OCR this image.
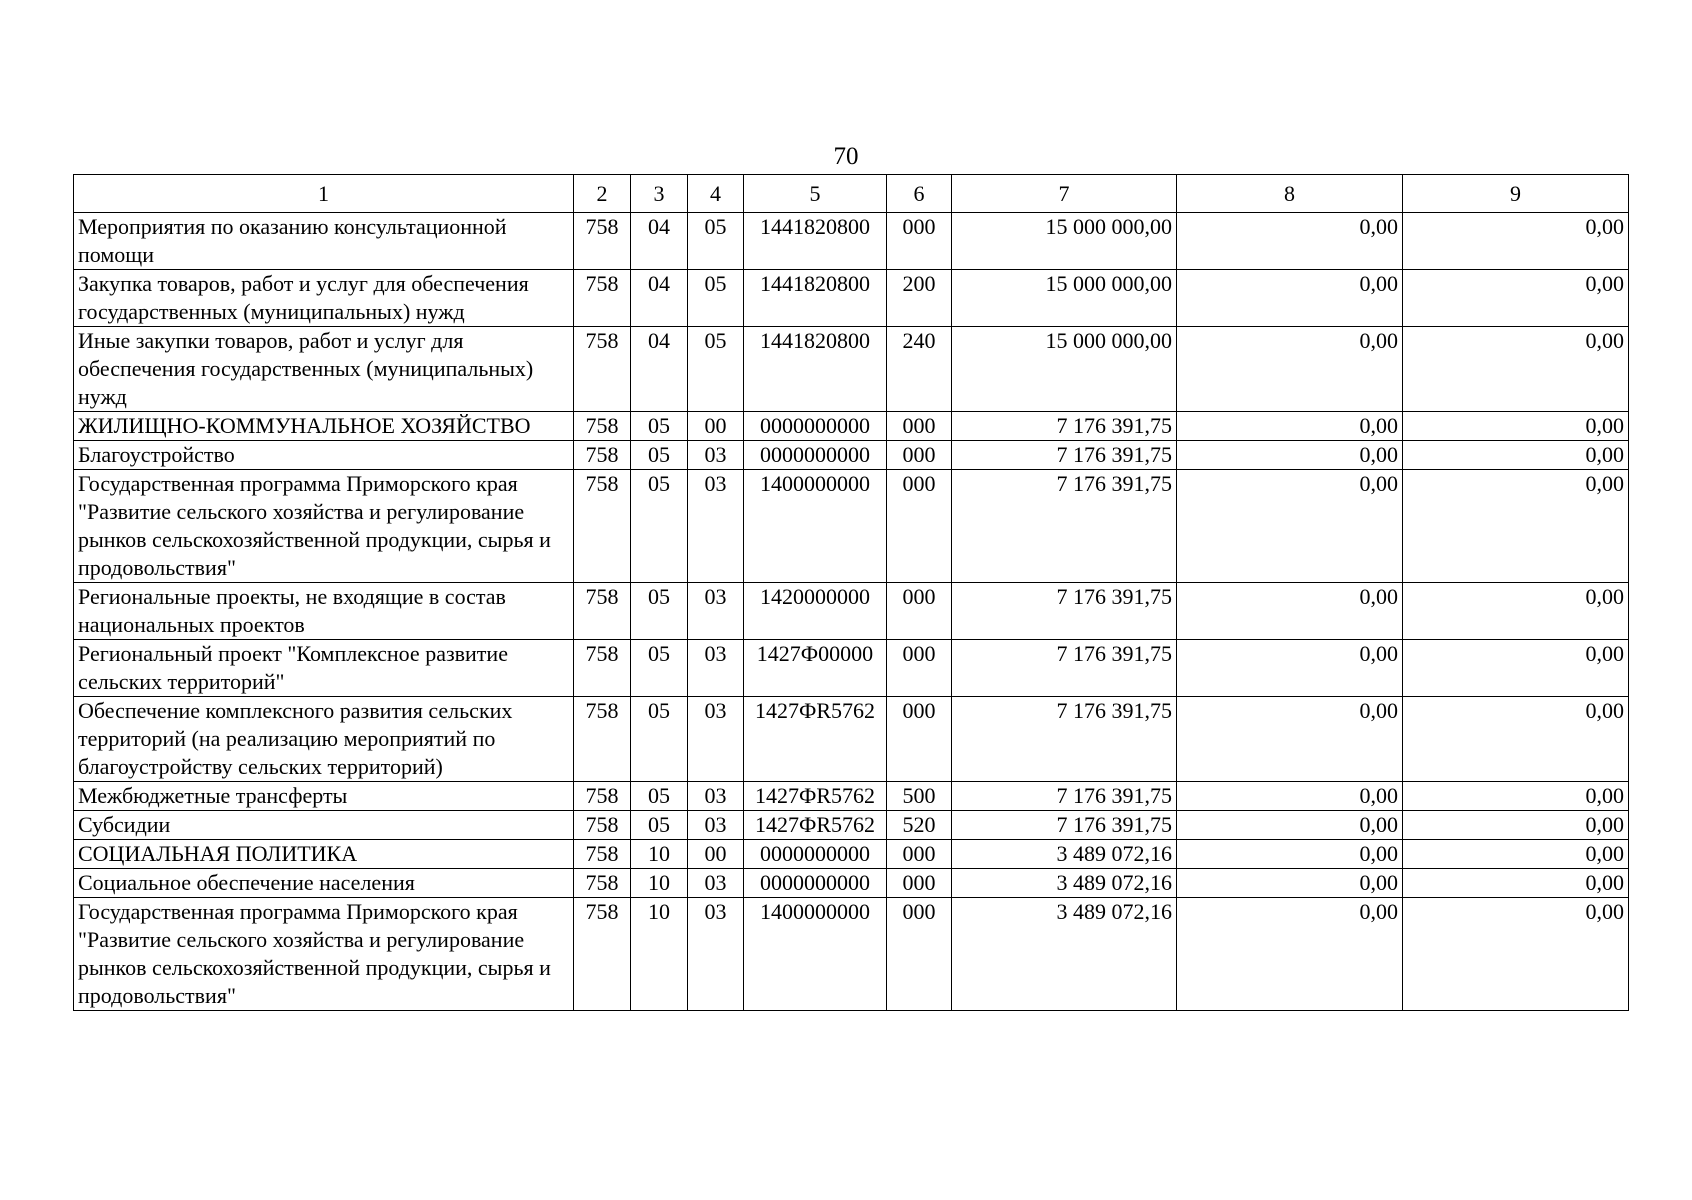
70
1	2	3	4	5	6	7	8	9
Мероприятия по оказанию консультационной помощи	758	04	05	1441820800	000	15 000 000,00	0,00	0,00
Закупка товаров, работ и услуг для обеспечения государственных (муниципальных) нужд	758	04	05	1441820800	200	15 000 000,00	0,00	0,00
Иные закупки товаров, работ и услуг для обеспечения государственных (муниципальных) нужд	758	04	05	1441820800	240	15 000 000,00	0,00	0,00
ЖИЛИЩНО-КОММУНАЛЬНОЕ ХОЗЯЙСТВО	758	05	00	0000000000	000	7 176 391,75	0,00	0,00
Благоустройство	758	05	03	0000000000	000	7 176 391,75	0,00	0,00
Государственная программа Приморского края "Развитие сельского хозяйства и регулирование рынков сельскохозяйственной продукции, сырья и продовольствия"	758	05	03	1400000000	000	7 176 391,75	0,00	0,00
Региональные проекты, не входящие в состав национальных проектов	758	05	03	1420000000	000	7 176 391,75	0,00	0,00
Региональный проект "Комплексное развитие сельских территорий"	758	05	03	1427Ф00000	000	7 176 391,75	0,00	0,00
Обеспечение комплексного развития сельских территорий (на реализацию мероприятий по благоустройству сельских территорий)	758	05	03	1427ФR5762	000	7 176 391,75	0,00	0,00
Межбюджетные трансферты	758	05	03	1427ФR5762	500	7 176 391,75	0,00	0,00
Субсидии	758	05	03	1427ФR5762	520	7 176 391,75	0,00	0,00
СОЦИАЛЬНАЯ ПОЛИТИКА	758	10	00	0000000000	000	3 489 072,16	0,00	0,00
Социальное обеспечение населения	758	10	03	0000000000	000	3 489 072,16	0,00	0,00
Государственная программа Приморского края "Развитие сельского хозяйства и регулирование рынков сельскохозяйственной продукции, сырья и продовольствия"	758	10	03	1400000000	000	3 489 072,16	0,00	0,00
